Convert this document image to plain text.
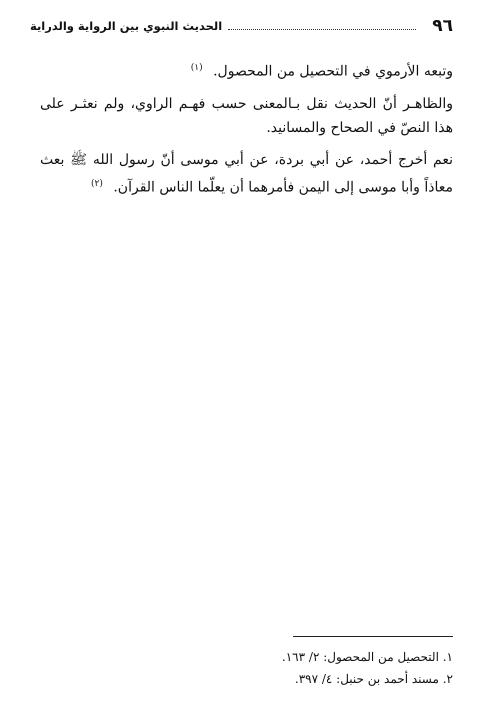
٩٦
الحديث النبوي بين الرواية والدراية

وتبعه الأرموي في التحصيل من المحصول. $^{(١)}$

والظاهـر أنّ الحديث نقل بـالمعنى حسب فهـم الراوي، ولم نعثـر على هذا النصّ في الصحاح والمسانيد.

نعم أخرج أحمد، عن أبي بردة، عن أبي موسى أنّ رسول الله ﷺ بعث معاذاً وأبا موسى إلى اليمن فأمرهما أن يعلّما الناس القرآن. $^{(٢)}$

١. التحصيل من المحصول: ٢/ ١٦٣.
٢. مسند أحمد بن حنبل: ٤/ ٣٩٧.
